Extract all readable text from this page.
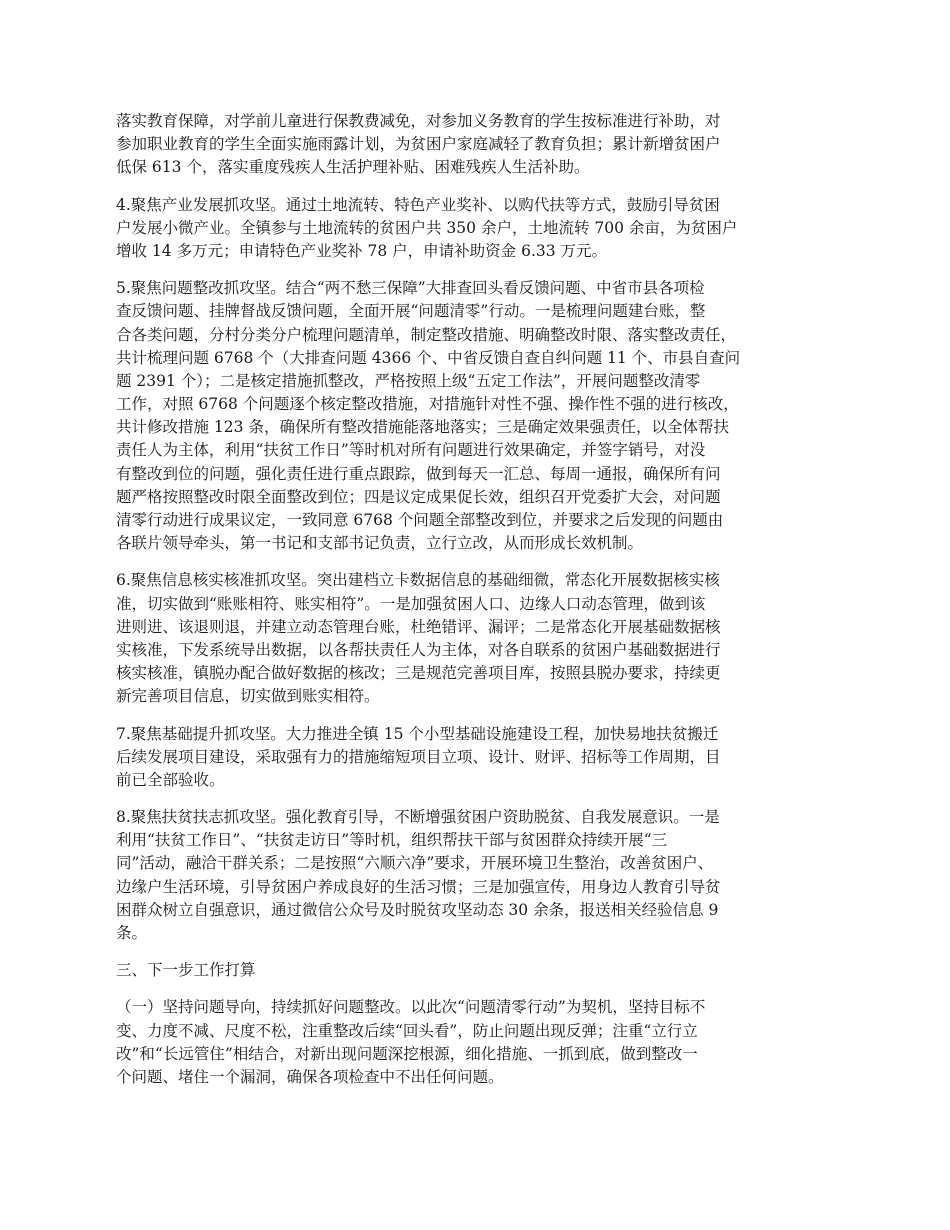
落实教育保障，对学前儿童进行保教费减免，对参加义务教育的学生按标准进行补助，对
参加职业教育的学生全面实施雨露计划，为贫困户家庭减轻了教育负担；累计新增贫困户
低保 613 个，落实重度残疾人生活护理补贴、困难残疾人生活补助。
4.聚焦产业发展抓攻坚。通过土地流转、特色产业奖补、以购代扶等方式，鼓励引导贫困
户发展小微产业。全镇参与土地流转的贫困户共 350 余户，土地流转 700 余亩，为贫困户
增收 14 多万元；申请特色产业奖补 78 户，申请补助资金 6.33 万元。
5.聚焦问题整改抓攻坚。结合“两不愁三保障”大排查回头看反馈问题、中省市县各项检
查反馈问题、挂牌督战反馈问题，全面开展“问题清零”行动。一是梳理问题建台账，整
合各类问题，分村分类分户梳理问题清单，制定整改措施、明确整改时限、落实整改责任，
共计梳理问题 6768 个（大排查问题 4366 个、中省反馈自查自纠问题 11 个、市县自查问
题 2391 个）；二是核定措施抓整改，严格按照上级“五定工作法”，开展问题整改清零
工作，对照 6768 个问题逐个核定整改措施，对措施针对性不强、操作性不强的进行核改，
共计修改措施 123 条，确保所有整改措施能落地落实；三是确定效果强责任，以全体帮扶
责任人为主体，利用“扶贫工作日”等时机对所有问题进行效果确定，并签字销号，对没
有整改到位的问题，强化责任进行重点跟踪，做到每天一汇总、每周一通报，确保所有问
题严格按照整改时限全面整改到位；四是议定成果促长效，组织召开党委扩大会，对问题
清零行动进行成果议定，一致同意 6768 个问题全部整改到位，并要求之后发现的问题由
各联片领导牵头，第一书记和支部书记负责，立行立改，从而形成长效机制。
6.聚焦信息核实核准抓攻坚。突出建档立卡数据信息的基础细微，常态化开展数据核实核
准，切实做到“账账相符、账实相符”。一是加强贫困人口、边缘人口动态管理，做到该
进则进、该退则退，并建立动态管理台账，杜绝错评、漏评；二是常态化开展基础数据核
实核准，下发系统导出数据，以各帮扶责任人为主体，对各自联系的贫困户基础数据进行
核实核准，镇脱办配合做好数据的核改；三是规范完善项目库，按照县脱办要求，持续更
新完善项目信息，切实做到账实相符。
7.聚焦基础提升抓攻坚。大力推进全镇 15 个小型基础设施建设工程，加快易地扶贫搬迁
后续发展项目建设，采取强有力的措施缩短项目立项、设计、财评、招标等工作周期，目
前已全部验收。
8.聚焦扶贫扶志抓攻坚。强化教育引导，不断增强贫困户资助脱贫、自我发展意识。一是
利用“扶贫工作日”、“扶贫走访日”等时机，组织帮扶干部与贫困群众持续开展“三
同”活动，融洽干群关系；二是按照“六顺六净”要求，开展环境卫生整治，改善贫困户、
边缘户生活环境，引导贫困户养成良好的生活习惯；三是加强宣传，用身边人教育引导贫
困群众树立自强意识，通过微信公众号及时脱贫攻坚动态 30 余条，报送相关经验信息 9
条。
三、下一步工作打算
（一）坚持问题导向，持续抓好问题整改。以此次“问题清零行动”为契机，坚持目标不
变、力度不减、尺度不松，注重整改后续“回头看”，防止问题出现反弹；注重“立行立
改”和“长远管住”相结合，对新出现问题深挖根源，细化措施、一抓到底，做到整改一
个问题、堵住一个漏洞，确保各项检查中不出任何问题。
